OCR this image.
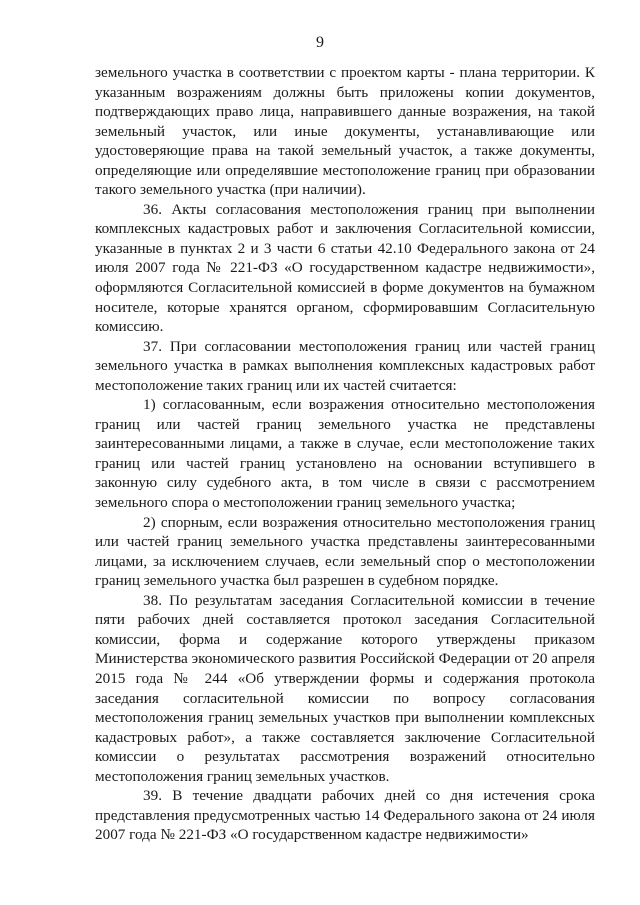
9

земельного участка в соответствии с проектом карты - плана территории. К указанным возражениям должны быть приложены копии документов, подтверждающих право лица, направившего данные возражения, на такой земельный участок, или иные документы, устанавливающие или удостоверяющие права на такой земельный участок, а также документы, определяющие или определявшие местоположение границ при образовании такого земельного участка (при наличии).

36. Акты согласования местоположения границ при выполнении комплексных кадастровых работ и заключения Согласительной комиссии, указанные в пунктах 2 и 3 части 6 статьи 42.10 Федерального закона от 24 июля 2007 года № 221-ФЗ «О государственном кадастре недвижимости», оформляются Согласительной комиссией в форме документов на бумажном носителе, которые хранятся органом, сформировавшим Согласительную комиссию.

37. При согласовании местоположения границ или частей границ земельного участка в рамках выполнения комплексных кадастровых работ местоположение таких границ или их частей считается:

1) согласованным, если возражения относительно местоположения границ или частей границ земельного участка не представлены заинтересованными лицами, а также в случае, если местоположение таких границ или частей границ установлено на основании вступившего в законную силу судебного акта, в том числе в связи с рассмотрением земельного спора о местоположении границ земельного участка;

2) спорным, если возражения относительно местоположения границ или частей границ земельного участка представлены заинтересованными лицами, за исключением случаев, если земельный спор о местоположении границ земельного участка был разрешен в судебном порядке.

38. По результатам заседания Согласительной комиссии в течение пяти рабочих дней составляется протокол заседания Согласительной комиссии, форма и содержание которого утверждены приказом Министерства экономического развития Российской Федерации от 20 апреля 2015 года № 244 «Об утверждении формы и содержания протокола заседания согласительной комиссии по вопросу согласования местоположения границ земельных участков при выполнении комплексных кадастровых работ», а также составляется заключение Согласительной комиссии о результатах рассмотрения возражений относительно местоположения границ земельных участков.

39. В течение двадцати рабочих дней со дня истечения срока представления предусмотренных частью 14 Федерального закона от 24 июля 2007 года № 221-ФЗ «О государственном кадастре недвижимости»
